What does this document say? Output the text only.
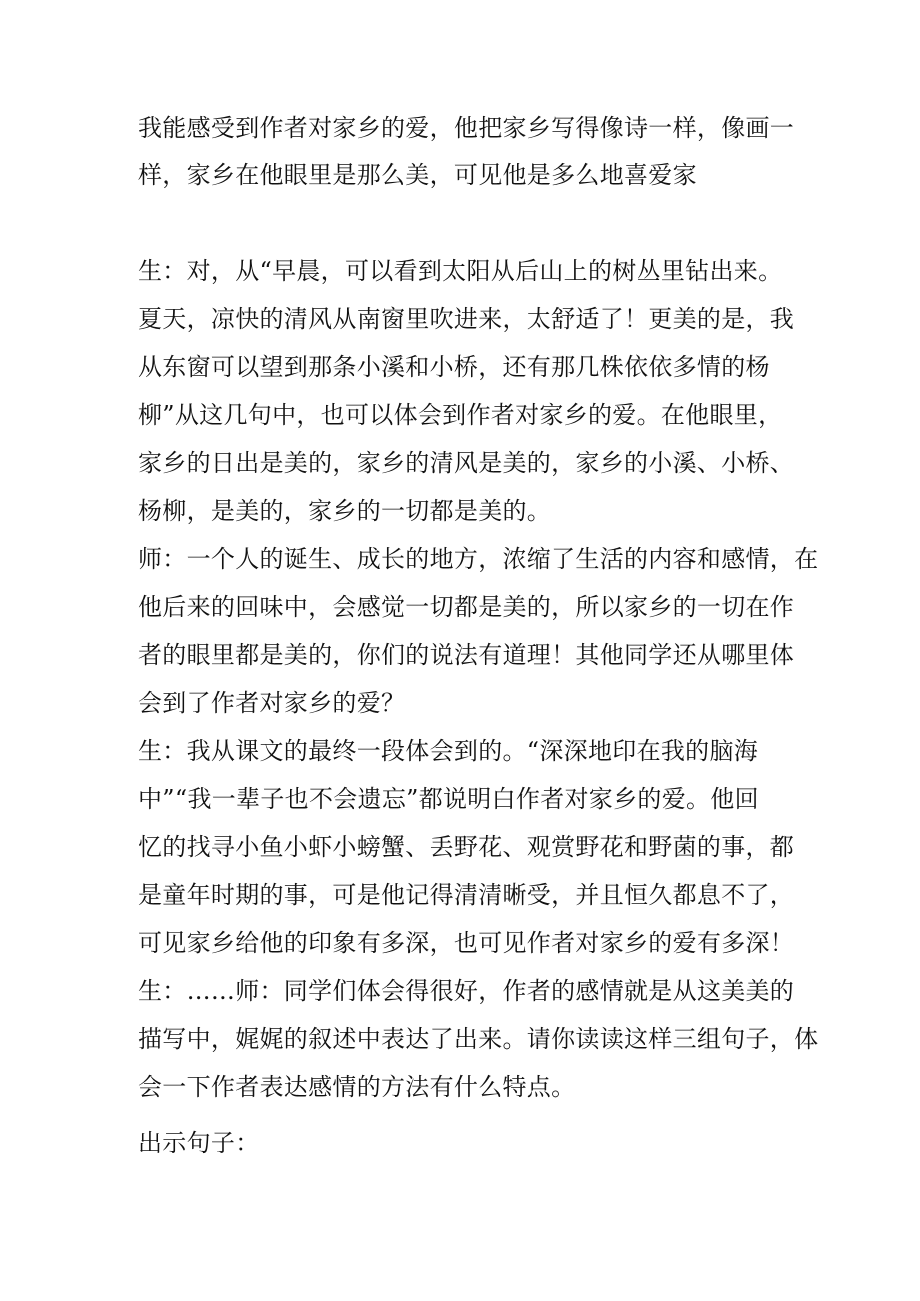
我能感受到作者对家乡的爱，他把家乡写得像诗一样，像画一
样，家乡在他眼里是那么美，可见他是多么地喜爱家
生：对，从“早晨，可以看到太阳从后山上的树丛里钻出来。
夏天，凉快的清风从南窗里吹进来，太舒适了！更美的是，我
从东窗可以望到那条小溪和小桥，还有那几株依依多情的杨
柳”从这几句中，也可以体会到作者对家乡的爱。在他眼里，
家乡的日出是美的，家乡的清风是美的，家乡的小溪、小桥、
杨柳，是美的，家乡的一切都是美的。
师：一个人的诞生、成长的地方，浓缩了生活的内容和感情，在
他后来的回味中，会感觉一切都是美的，所以家乡的一切在作
者的眼里都是美的，你们的说法有道理！其他同学还从哪里体
会到了作者对家乡的爱？
生：我从课文的最终一段体会到的。“深深地印在我的脑海
中”“我一辈子也不会遗忘”都说明白作者对家乡的爱。他回
忆的找寻小鱼小虾小螃蟹、丢野花、观赏野花和野菌的事，都
是童年时期的事，可是他记得清清晰受，并且恒久都息不了，
可见家乡给他的印象有多深，也可见作者对家乡的爱有多深！
生：……师：同学们体会得很好，作者的感情就是从这美美的
描写中，娓娓的叙述中表达了出来。请你读读这样三组句子，体
会一下作者表达感情的方法有什么特点。
出示句子：
